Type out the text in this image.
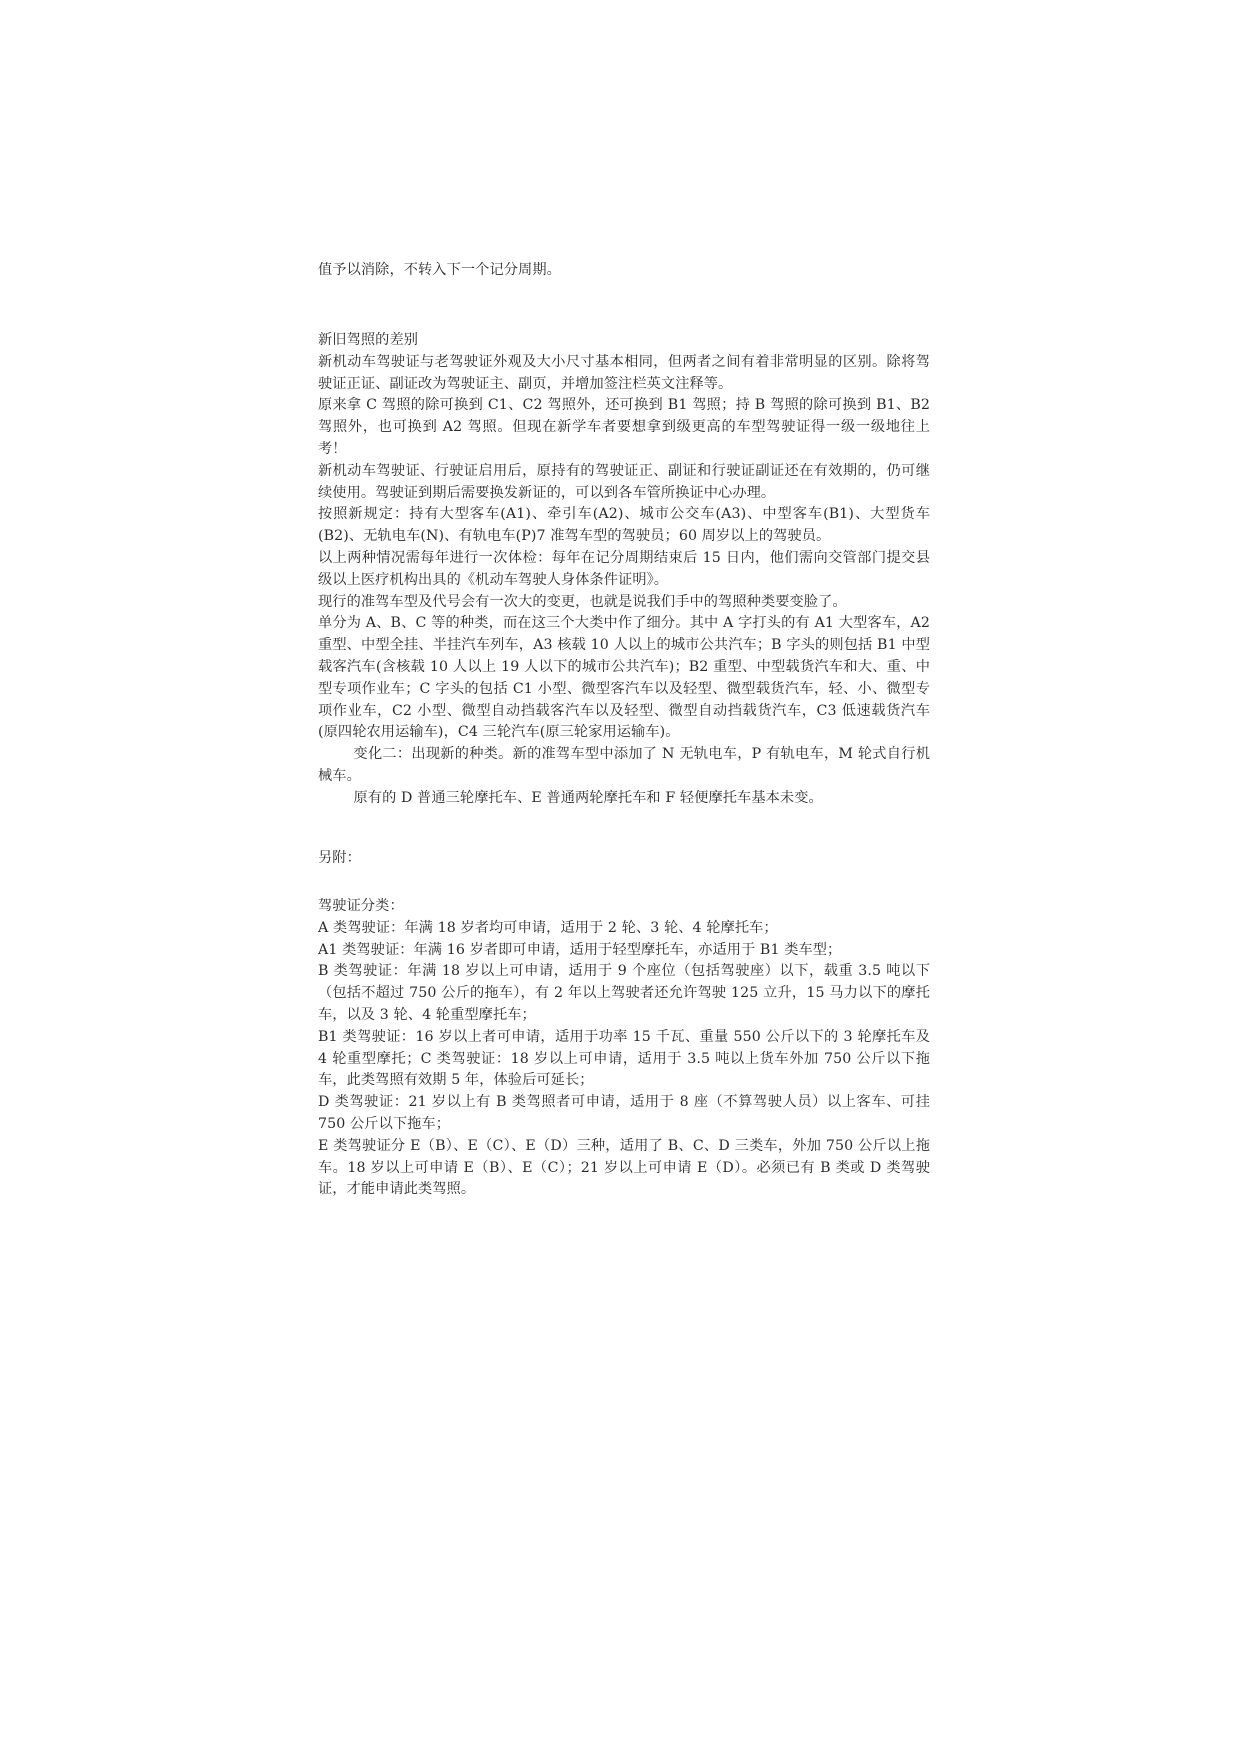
值予以消除，不转入下一个记分周期。

新旧驾照的差别

新机动车驾驶证与老驾驶证外观及大小尺寸基本相同，但两者之间有着非常明显的区别。除将驾驶证正证、副证改为驾驶证主、副页，并增加签注栏英文注释等。

原来拿 C 驾照的除可换到 C1、C2 驾照外，还可换到 B1 驾照；持 B 驾照的除可换到 B1、B2 驾照外，也可换到 A2 驾照。但现在新学车者要想拿到级更高的车型驾驶证得一级一级地往上考！

新机动车驾驶证、行驶证启用后，原持有的驾驶证正、副证和行驶证副证还在有效期的，仍可继续使用。驾驶证到期后需要换发新证的，可以到各车管所换证中心办理。

按照新规定：持有大型客车(A1)、牵引车(A2)、城市公交车(A3)、中型客车(B1)、大型货车(B2)、无轨电车(N)、有轨电车(P)7 准驾车型的驾驶员；60 周岁以上的驾驶员。

以上两种情况需每年进行一次体检：每年在记分周期结束后 15 日内，他们需向交管部门提交县级以上医疗机构出具的《机动车驾驶人身体条件证明》。

现行的准驾车型及代号会有一次大的变更，也就是说我们手中的驾照种类要变脸了。

单分为 A、B、C 等的种类，而在这三个大类中作了细分。其中 A 字打头的有 A1 大型客车，A2 重型、中型全挂、半挂汽车列车，A3 核载 10 人以上的城市公共汽车；B 字头的则包括 B1 中型载客汽车(含核载 10 人以上 19 人以下的城市公共汽车)；B2 重型、中型载货汽车和大、重、中型专项作业车；C 字头的包括 C1 小型、微型客汽车以及轻型、微型载货汽车，轻、小、微型专项作业车，C2 小型、微型自动挡载客汽车以及轻型、微型自动挡载货汽车，C3 低速载货汽车(原四轮农用运输车)，C4 三轮汽车(原三轮家用运输车)。

变化二：出现新的种类。新的准驾车型中添加了 N 无轨电车，P 有轨电车，M 轮式自行机械车。

原有的 D 普通三轮摩托车、E 普通两轮摩托车和 F 轻便摩托车基本未变。

另附：

驾驶证分类：

A 类驾驶证：年满 18 岁者均可申请，适用于 2 轮、3 轮、4 轮摩托车；

A1 类驾驶证：年满 16 岁者即可申请，适用于轻型摩托车，亦适用于 B1 类车型；

B 类驾驶证：年满 18 岁以上可申请，适用于 9 个座位（包括驾驶座）以下，载重 3.5 吨以下（包括不超过 750 公斤的拖车），有 2 年以上驾驶者还允许驾驶 125 立升，15 马力以下的摩托车，以及 3 轮、4 轮重型摩托车；

B1 类驾驶证：16 岁以上者可申请，适用于功率 15 千瓦、重量 550 公斤以下的 3 轮摩托车及 4 轮重型摩托；C 类驾驶证：18 岁以上可申请，适用于 3.5 吨以上货车外加 750 公斤以下拖车，此类驾照有效期 5 年，体验后可延长；

D 类驾驶证：21 岁以上有 B 类驾照者可申请，适用于 8 座（不算驾驶人员）以上客车、可挂 750 公斤以下拖车；

E 类驾驶证分 E（B）、E（C）、E（D）三种，适用了 B、C、D 三类车，外加 750 公斤以上拖车。18 岁以上可申请 E（B）、E（C）；21 岁以上可申请 E（D）。必须已有 B 类或 D 类驾驶证，才能申请此类驾照。
